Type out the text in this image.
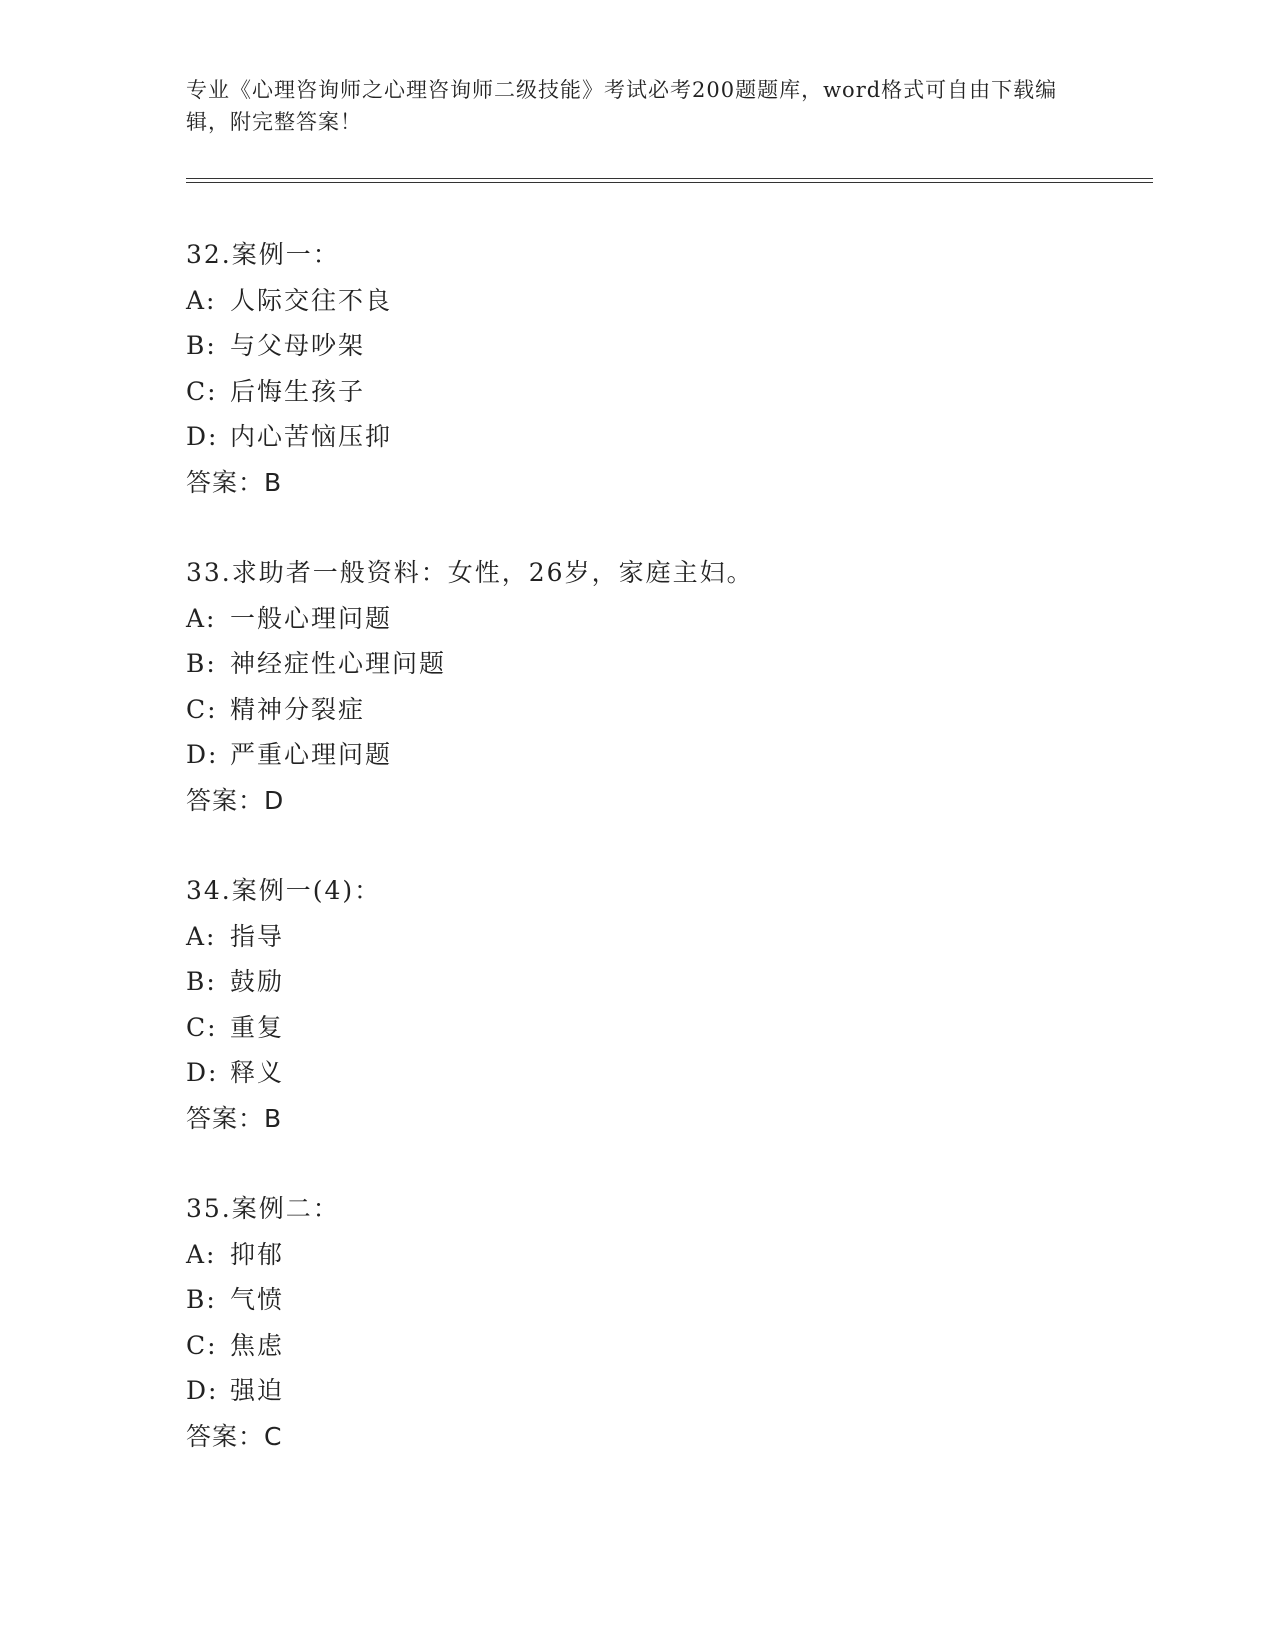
专业《心理咨询师之心理咨询师二级技能》考试必考200题题库，word格式可自由下载编辑，附完整答案！
32.案例一：
A: 人际交往不良
B: 与父母吵架
C: 后悔生孩子
D: 内心苦恼压抑
答案：B
33.求助者一般资料：女性，26岁，家庭主妇。
A: 一般心理问题
B: 神经症性心理问题
C: 精神分裂症
D: 严重心理问题
答案：D
34.案例一(4)：
A: 指导
B: 鼓励
C: 重复
D: 释义
答案：B
35.案例二：
A: 抑郁
B: 气愤
C: 焦虑
D: 强迫
答案：C
